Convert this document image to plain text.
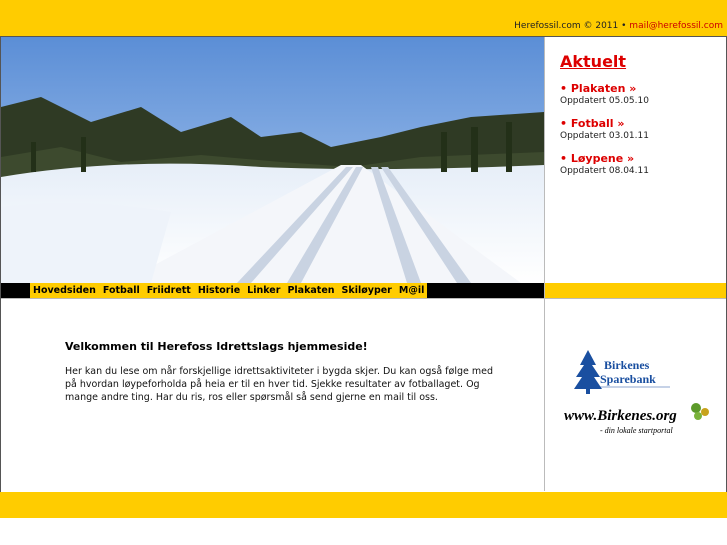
Herefossil.com © 2011 • mail@herefossil.com
Hovedsiden Fotball Friidrett Historie Linker Plakaten Skiløyper M@il
Aktuelt
• Plakaten »
Oppdatert 05.05.10
• Fotball »
Oppdatert 03.01.11
• Løypene »
Oppdatert 08.04.11
Velkommen til Herefoss Idrettslags hjemmeside!

Her kan du lese om når forskjellige idrettsaktiviteter i bygda skjer. Du kan også følge med på hvordan løypeforholda på heia er til en hver tid. Sjekke resultater av fotballaget. Og mange andre ting. Har du ris, ros eller spørsmål så send gjerne en mail til oss.

Birkenes
Sparebank
www.Birkenes.org
- din lokale startportal
